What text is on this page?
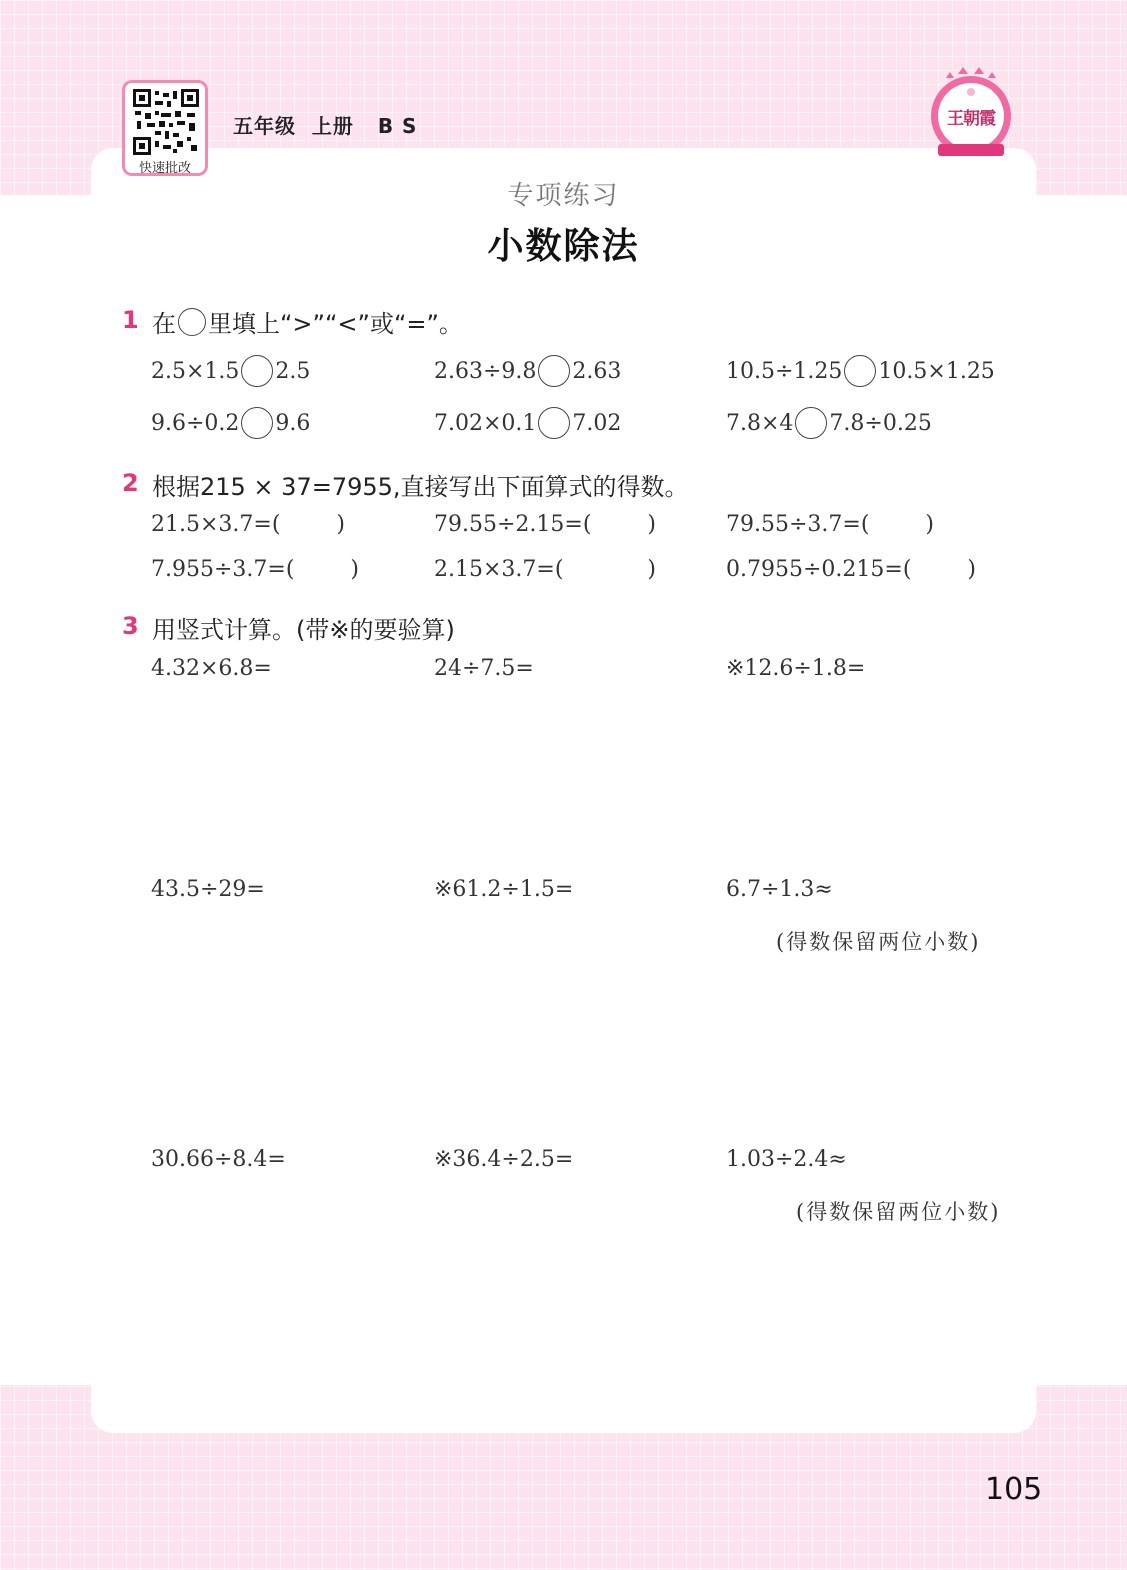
快速批改
五年级  上册   B S	王朝霞
专项练习
小数除法
1 在 里填上“>”“<”或“=”。
2.5×1.5 2.5	2.63÷9.8 2.63	10.5÷1.25 10.5×1.25
9.6÷0.2 9.6	7.02×0.1 7.02	7.8×4 7.8÷0.25
2 根据215 × 37=7955,直接写出下面算式的得数。
21.5×3.7=(        )	79.55÷2.15=(        )	79.55÷3.7=(        )
7.955÷3.7=(        )	2.15×3.7=(            )	0.7955÷0.215=(        )
3 用竖式计算。(带※的要验算)
4.32×6.8=	24÷7.5=	※12.6÷1.8=
43.5÷29=	※61.2÷1.5=	6.7÷1.3≈
(得数保留两位小数)
30.66÷8.4=	※36.4÷2.5=	1.03÷2.4≈
(得数保留两位小数)
105
